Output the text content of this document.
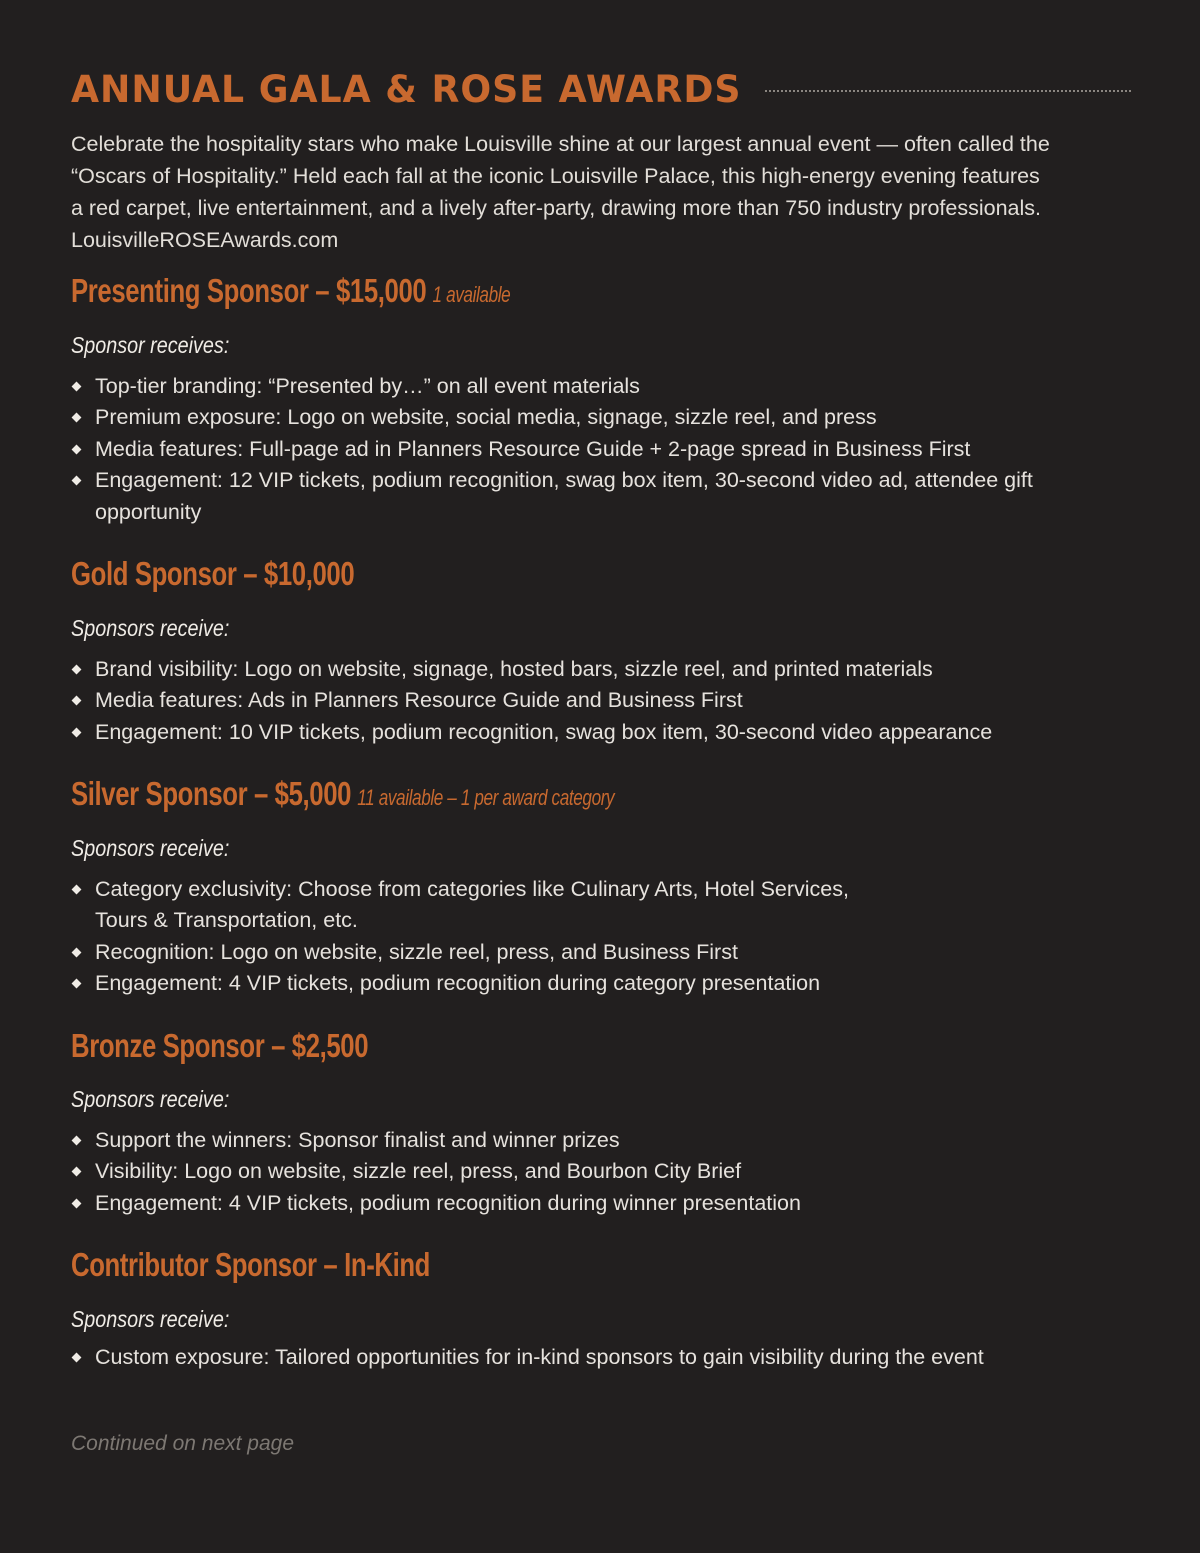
ANNUAL GALA & ROSE AWARDS
Celebrate the hospitality stars who make Louisville shine at our largest annual event — often called the
“Oscars of Hospitality.” Held each fall at the iconic Louisville Palace, this high-energy evening features
a red carpet, live entertainment, and a lively after-party, drawing more than 750 industry professionals.
LouisvilleROSEAwards.com
Presenting Sponsor – $15,000 1 available
Sponsor receives:
Top-tier branding: “Presented by…” on all event materials
Premium exposure: Logo on website, social media, signage, sizzle reel, and press
Media features: Full-page ad in Planners Resource Guide + 2-page spread in Business First
Engagement: 12 VIP tickets, podium recognition, swag box item, 30-second video ad, attendee gift opportunity
Gold Sponsor – $10,000
Sponsors receive:
Brand visibility: Logo on website, signage, hosted bars, sizzle reel, and printed materials
Media features: Ads in Planners Resource Guide and Business First
Engagement: 10 VIP tickets, podium recognition, swag box item, 30-second video appearance
Silver Sponsor – $5,000 11 available – 1 per award category
Sponsors receive:
Category exclusivity: Choose from categories like Culinary Arts, Hotel Services, Tours & Transportation, etc.
Recognition: Logo on website, sizzle reel, press, and Business First
Engagement: 4 VIP tickets, podium recognition during category presentation
Bronze Sponsor – $2,500
Sponsors receive:
Support the winners: Sponsor finalist and winner prizes
Visibility: Logo on website, sizzle reel, press, and Bourbon City Brief
Engagement: 4 VIP tickets, podium recognition during winner presentation
Contributor Sponsor – In-Kind
Sponsors receive:
Custom exposure: Tailored opportunities for in-kind sponsors to gain visibility during the event
Continued on next page
